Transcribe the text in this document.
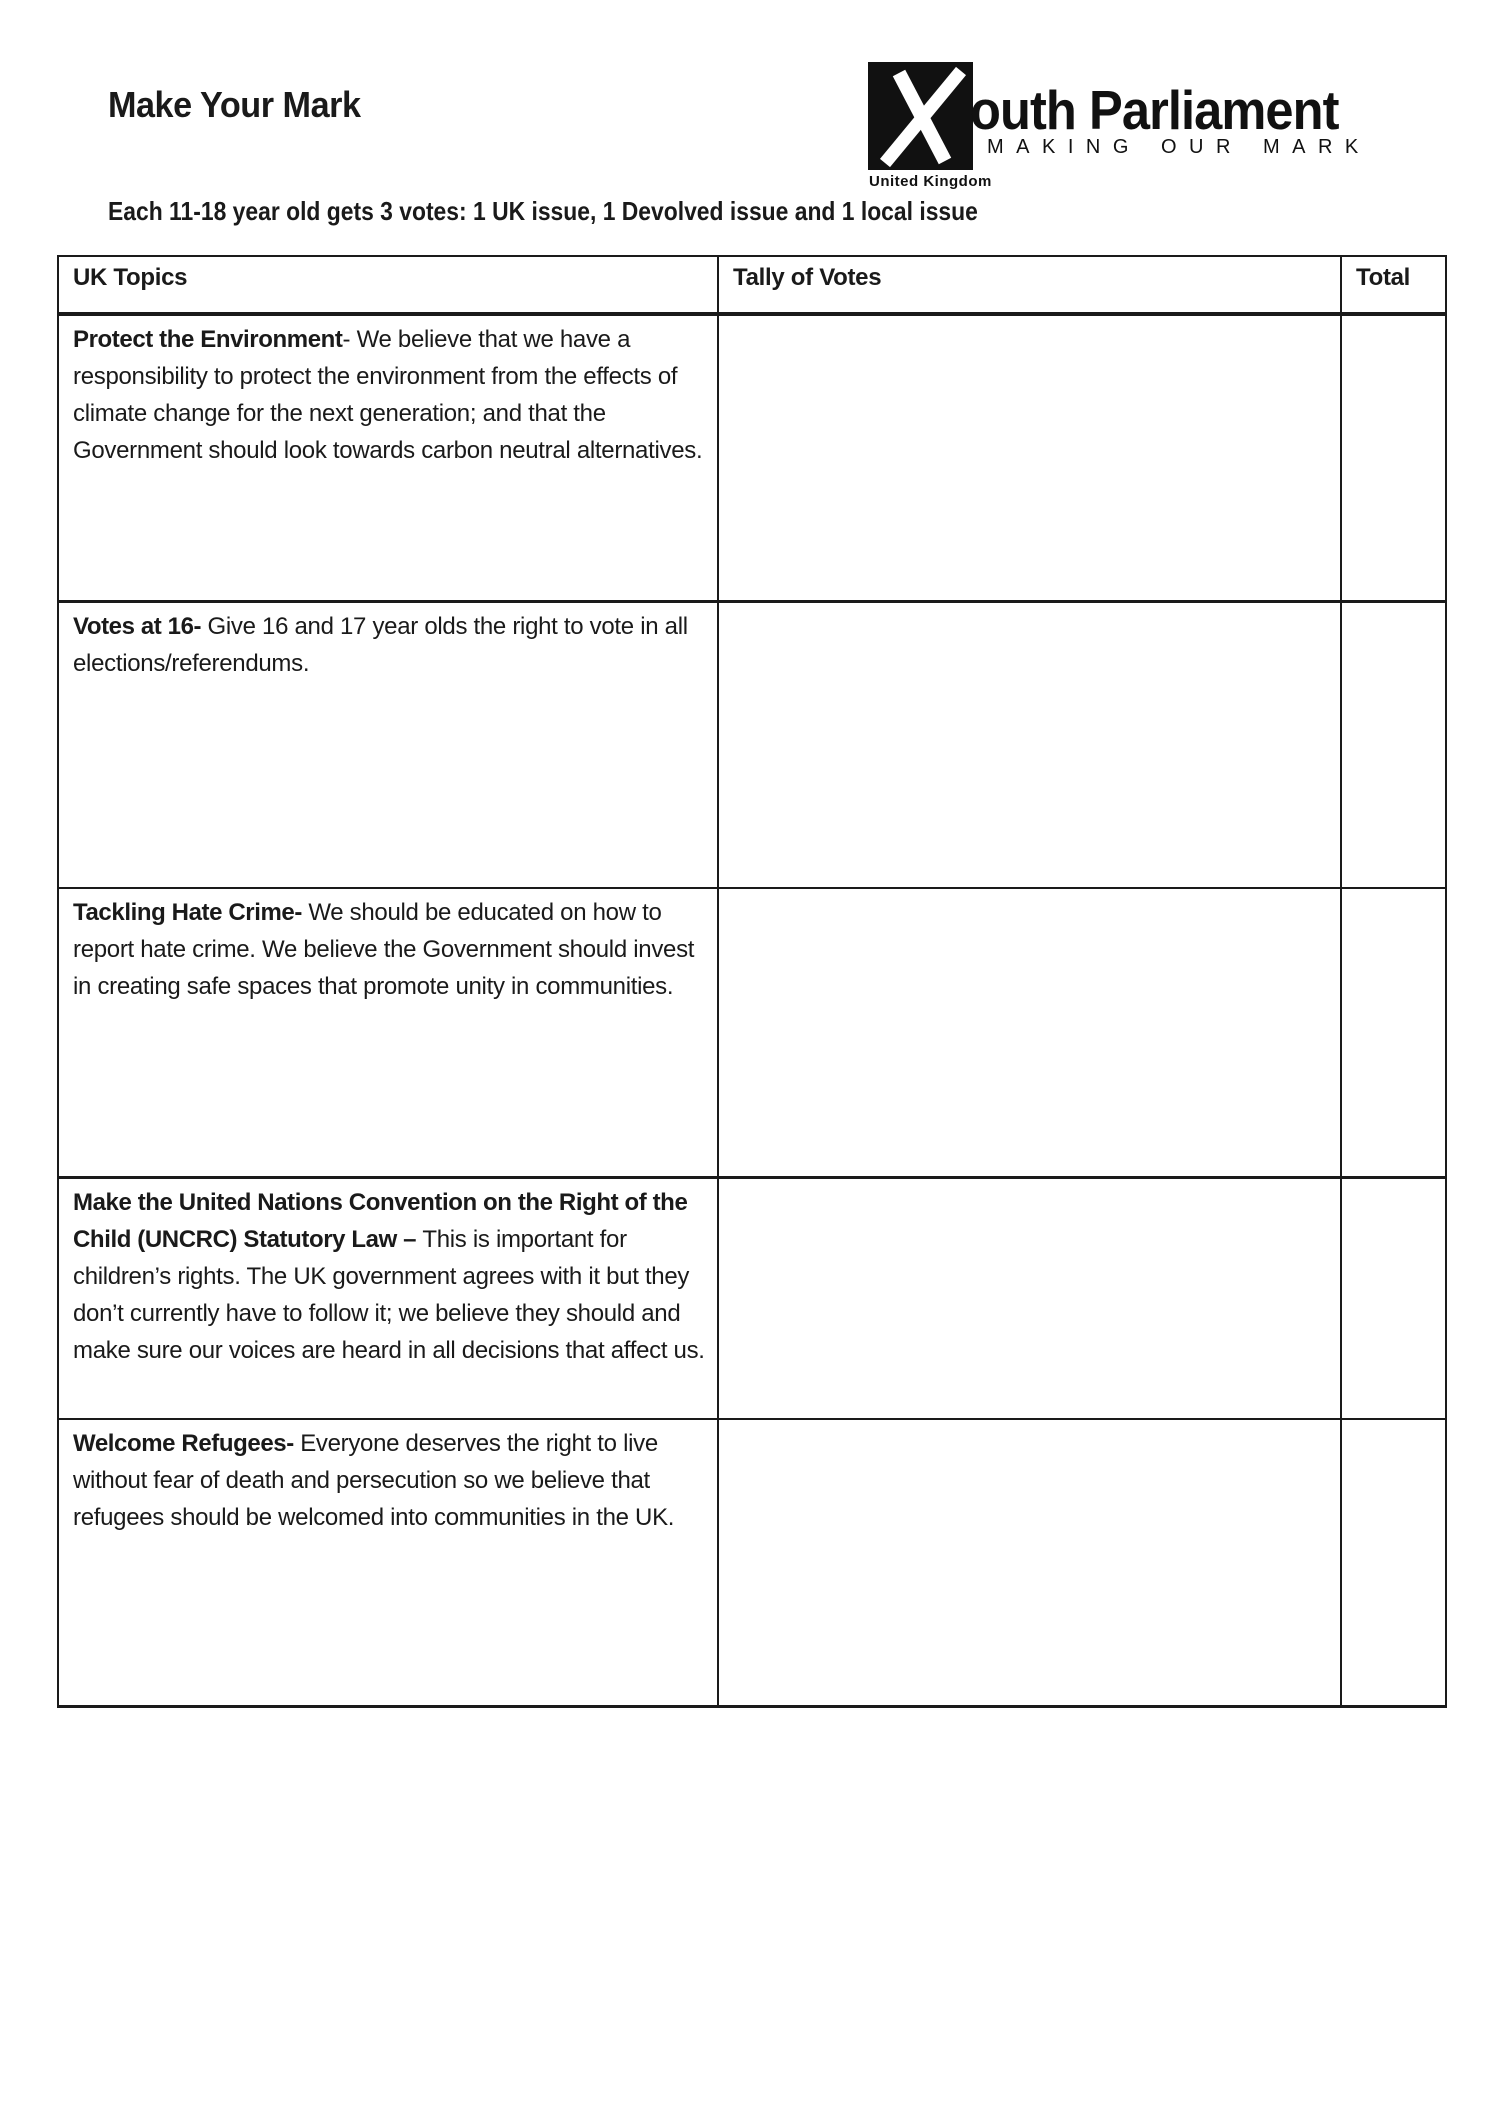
Make Your Mark	outh Parliament
MAKING OUR MARK
United Kingdom
Each 11-18 year old gets 3 votes: 1 UK issue, 1 Devolved issue and 1 local issue
UK Topics	Tally of Votes	Total
Protect the Environment- We believe that we have a responsibility to protect the environment from the effects of climate change for the next generation; and that the Government should look towards carbon neutral alternatives.		
Votes at 16- Give 16 and 17 year olds the right to vote in all elections/referendums.		
Tackling Hate Crime- We should be educated on how to report hate crime. We believe the Government should invest in creating safe spaces that promote unity in communities.		
Make the United Nations Convention on the Right of the Child (UNCRC) Statutory Law – This is important for children’s rights. The UK government agrees with it but they don’t currently have to follow it; we believe they should and make sure our voices are heard in all decisions that affect us.		
Welcome Refugees- Everyone deserves the right to live without fear of death and persecution so we believe that refugees should be welcomed into communities in the UK.		
